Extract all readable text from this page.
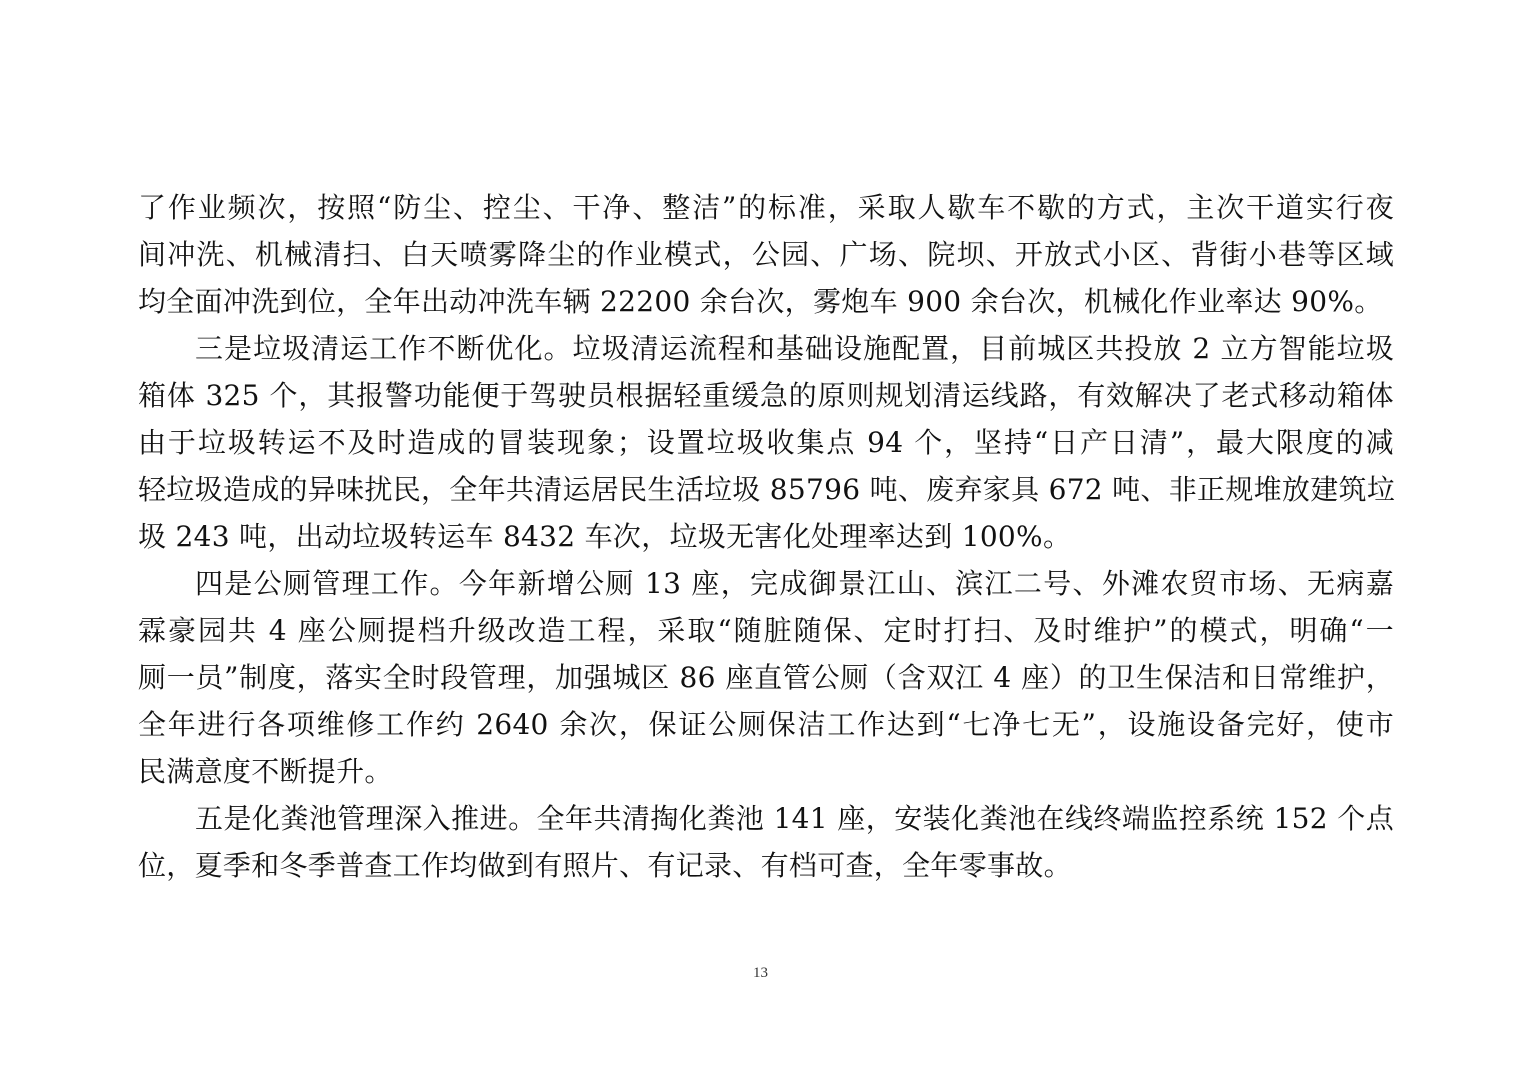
了作业频次，按照“防尘、控尘、干净、整洁”的标准，采取人歇车不歇的方式，主次干道实行夜
间冲洗、机械清扫、白天喷雾降尘的作业模式，公园、广场、院坝、开放式小区、背街小巷等区域
均全面冲洗到位，全年出动冲洗车辆 22200 余台次，雾炮车 900 余台次，机械化作业率达 90%。
三是垃圾清运工作不断优化。垃圾清运流程和基础设施配置，目前城区共投放 2 立方智能垃圾
箱体 325 个，其报警功能便于驾驶员根据轻重缓急的原则规划清运线路，有效解决了老式移动箱体
由于垃圾转运不及时造成的冒装现象；设置垃圾收集点 94 个，坚持“日产日清”，最大限度的减
轻垃圾造成的异味扰民，全年共清运居民生活垃圾 85796 吨、废弃家具 672 吨、非正规堆放建筑垃
圾 243 吨，出动垃圾转运车 8432 车次，垃圾无害化处理率达到 100%。
四是公厕管理工作。今年新增公厕 13 座，完成御景江山、滨江二号、外滩农贸市场、无病嘉
霖豪园共 4 座公厕提档升级改造工程，采取“随脏随保、定时打扫、及时维护”的模式，明确“一
厕一员”制度，落实全时段管理，加强城区 86 座直管公厕（含双江 4 座）的卫生保洁和日常维护，
全年进行各项维修工作约 2640 余次，保证公厕保洁工作达到“七净七无”，设施设备完好，使市
民满意度不断提升。
五是化粪池管理深入推进。全年共清掏化粪池 141 座，安装化粪池在线终端监控系统 152 个点
位，夏季和冬季普查工作均做到有照片、有记录、有档可查，全年零事故。
13
